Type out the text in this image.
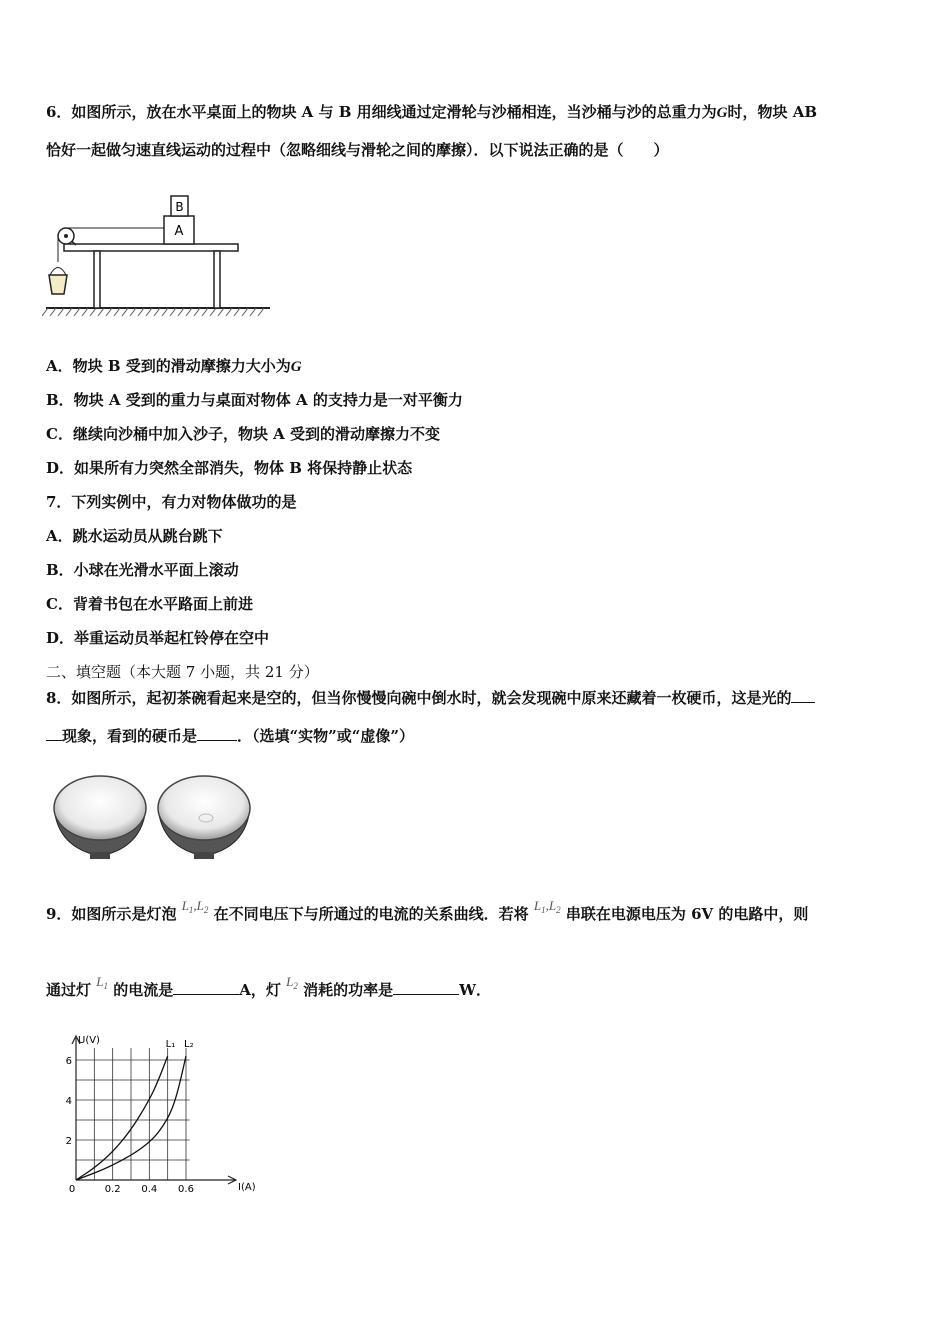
6．如图所示，放在水平桌面上的物块 A 与 B 用细线通过定滑轮与沙桶相连，当沙桶与沙的总重力为G时，物块 AB
恰好一起做匀速直线运动的过程中（忽略细线与滑轮之间的摩擦）．以下说法正确的是（　　）
A
B
A．物块 B 受到的滑动摩擦力大小为G
B．物块 A 受到的重力与桌面对物体 A 的支持力是一对平衡力
C．继续向沙桶中加入沙子，物块 A 受到的滑动摩擦力不变
D．如果所有力突然全部消失，物体 B 将保持静止状态
7．下列实例中，有力对物体做功的是
A．跳水运动员从跳台跳下
B．小球在光滑水平面上滚动
C．背着书包在水平路面上前进
D．举重运动员举起杠铃停在空中
二、填空题（本大题 7 小题，共 21 分）
8．如图所示，起初茶碗看起来是空的，但当你慢慢向碗中倒水时，就会发现碗中原来还藏着一枚硬币，这是光的
现象，看到的硬币是	．（选填“实物”或“虚像”）
9．如图所示是灯泡 $L_1,L_2$ 在不同电压下与所通过的电流的关系曲线．若将 $L_1,L_2$ 串联在电源电压为 6V 的电路中，则
通过灯 $L_1$ 的电流是	A，灯 $L_2$ 消耗的功率是	W．
L₁ L₂
U(V)
I(A)
2
4
6
0	0.2 0.4 0.6
